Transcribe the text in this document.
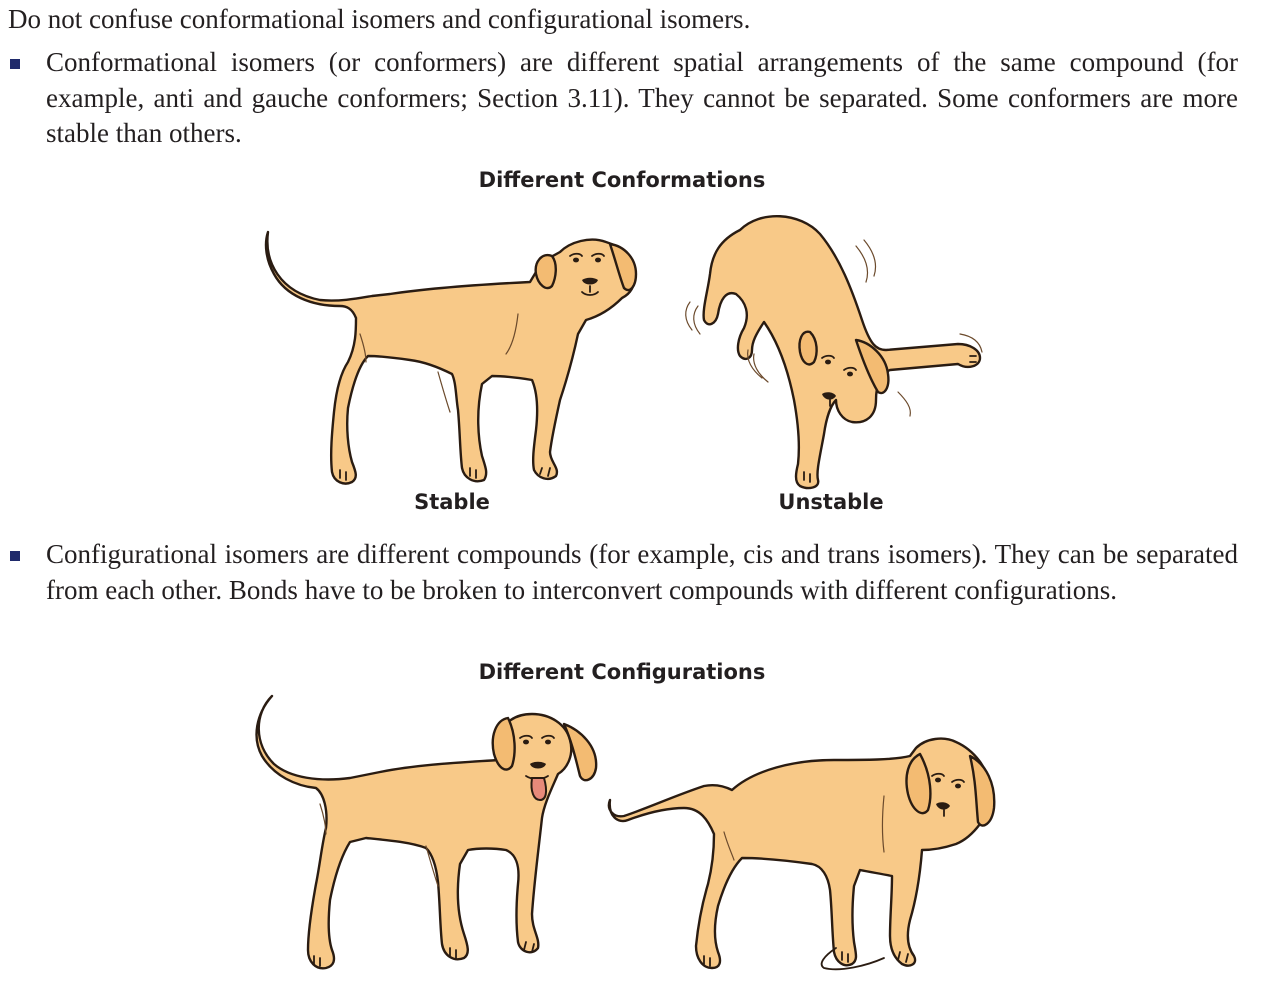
Do not confuse conformational isomers and configurational isomers.
Conformational isomers (or conformers) are different spatial arrangements of the same compound (for example, anti and gauche conformers; Section 3.11). They cannot be separated. Some conformers are more stable than others.
Different Conformations
Stable	Unstable
Configurational isomers are different compounds (for example, cis and trans isomers). They can be separated from each other. Bonds have to be broken to interconvert compounds with different configurations.
Different Configurations
